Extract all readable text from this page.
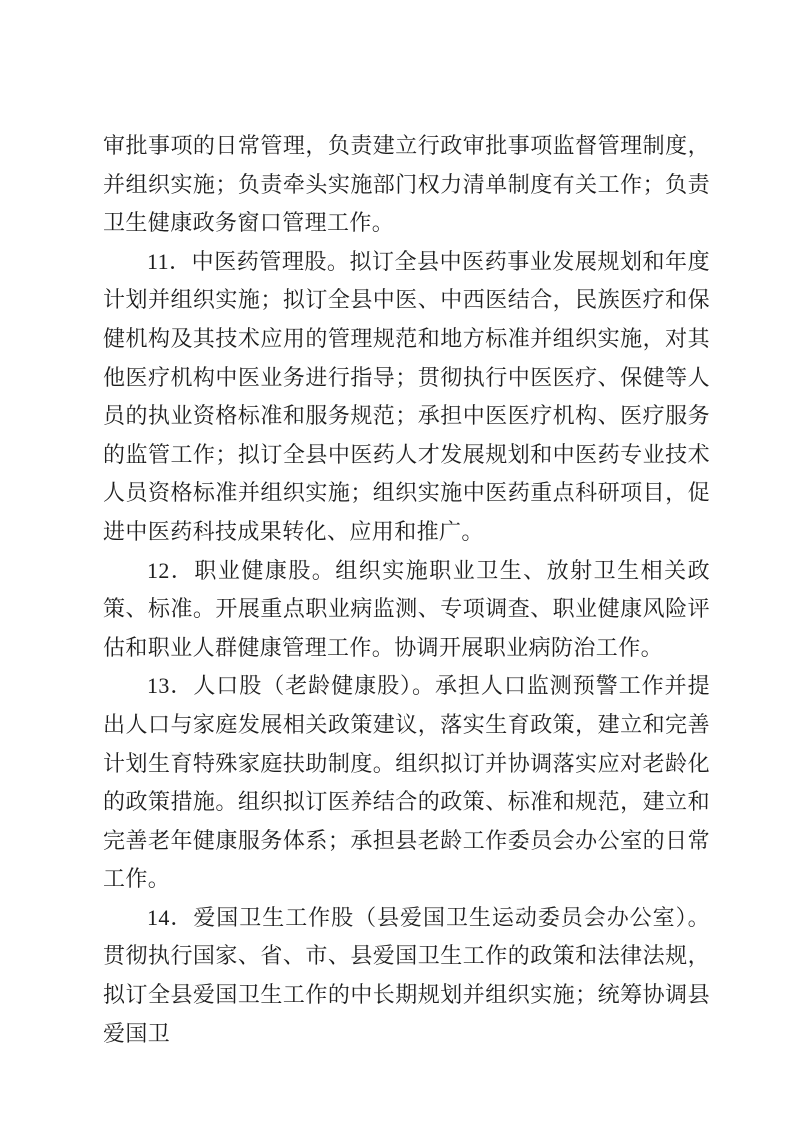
审批事项的日常管理，负责建立行政审批事项监督管理制度，并组织实施；负责牵头实施部门权力清单制度有关工作；负责卫生健康政务窗口管理工作。

11．中医药管理股。拟订全县中医药事业发展规划和年度计划并组织实施；拟订全县中医、中西医结合，民族医疗和保健机构及其技术应用的管理规范和地方标准并组织实施，对其他医疗机构中医业务进行指导；贯彻执行中医医疗、保健等人员的执业资格标准和服务规范；承担中医医疗机构、医疗服务的监管工作；拟订全县中医药人才发展规划和中医药专业技术人员资格标准并组织实施；组织实施中医药重点科研项目，促进中医药科技成果转化、应用和推广。

12．职业健康股。组织实施职业卫生、放射卫生相关政策、标准。开展重点职业病监测、专项调查、职业健康风险评估和职业人群健康管理工作。协调开展职业病防治工作。

13．人口股（老龄健康股）。承担人口监测预警工作并提出人口与家庭发展相关政策建议，落实生育政策，建立和完善计划生育特殊家庭扶助制度。组织拟订并协调落实应对老龄化的政策措施。组织拟订医养结合的政策、标准和规范，建立和完善老年健康服务体系；承担县老龄工作委员会办公室的日常工作。

14．爱国卫生工作股（县爱国卫生运动委员会办公室）。贯彻执行国家、省、市、县爱国卫生工作的政策和法律法规，拟订全县爱国卫生工作的中长期规划并组织实施；统筹协调县爱国卫
